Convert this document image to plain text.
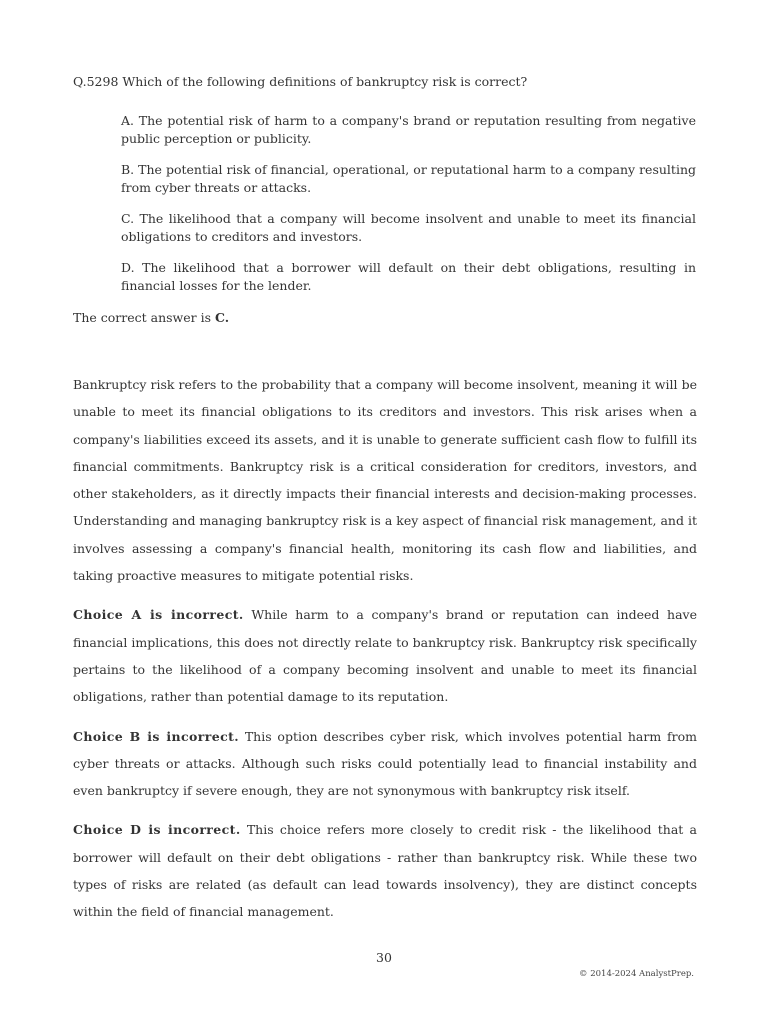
Q.5298 Which of the following definitions of bankruptcy risk is correct?

A. The potential risk of harm to a company's brand or reputation resulting from negative public perception or publicity.
B. The potential risk of financial, operational, or reputational harm to a company resulting from cyber threats or attacks.
C. The likelihood that a company will become insolvent and unable to meet its financial obligations to creditors and investors.
D. The likelihood that a borrower will default on their debt obligations, resulting in financial losses for the lender.

The correct answer is C.

Bankruptcy risk refers to the probability that a company will become insolvent, meaning it will be unable to meet its financial obligations to its creditors and investors. This risk arises when a company's liabilities exceed its assets, and it is unable to generate sufficient cash flow to fulfill its financial commitments. Bankruptcy risk is a critical consideration for creditors, investors, and other stakeholders, as it directly impacts their financial interests and decision-making processes. Understanding and managing bankruptcy risk is a key aspect of financial risk management, and it involves assessing a company's financial health, monitoring its cash flow and liabilities, and taking proactive measures to mitigate potential risks.

Choice A is incorrect. While harm to a company's brand or reputation can indeed have financial implications, this does not directly relate to bankruptcy risk. Bankruptcy risk specifically pertains to the likelihood of a company becoming insolvent and unable to meet its financial obligations, rather than potential damage to its reputation.

Choice B is incorrect. This option describes cyber risk, which involves potential harm from cyber threats or attacks. Although such risks could potentially lead to financial instability and even bankruptcy if severe enough, they are not synonymous with bankruptcy risk itself.

Choice D is incorrect. This choice refers more closely to credit risk - the likelihood that a borrower will default on their debt obligations - rather than bankruptcy risk. While these two types of risks are related (as default can lead towards insolvency), they are distinct concepts within the field of financial management.

30
© 2014-2024 AnalystPrep.
